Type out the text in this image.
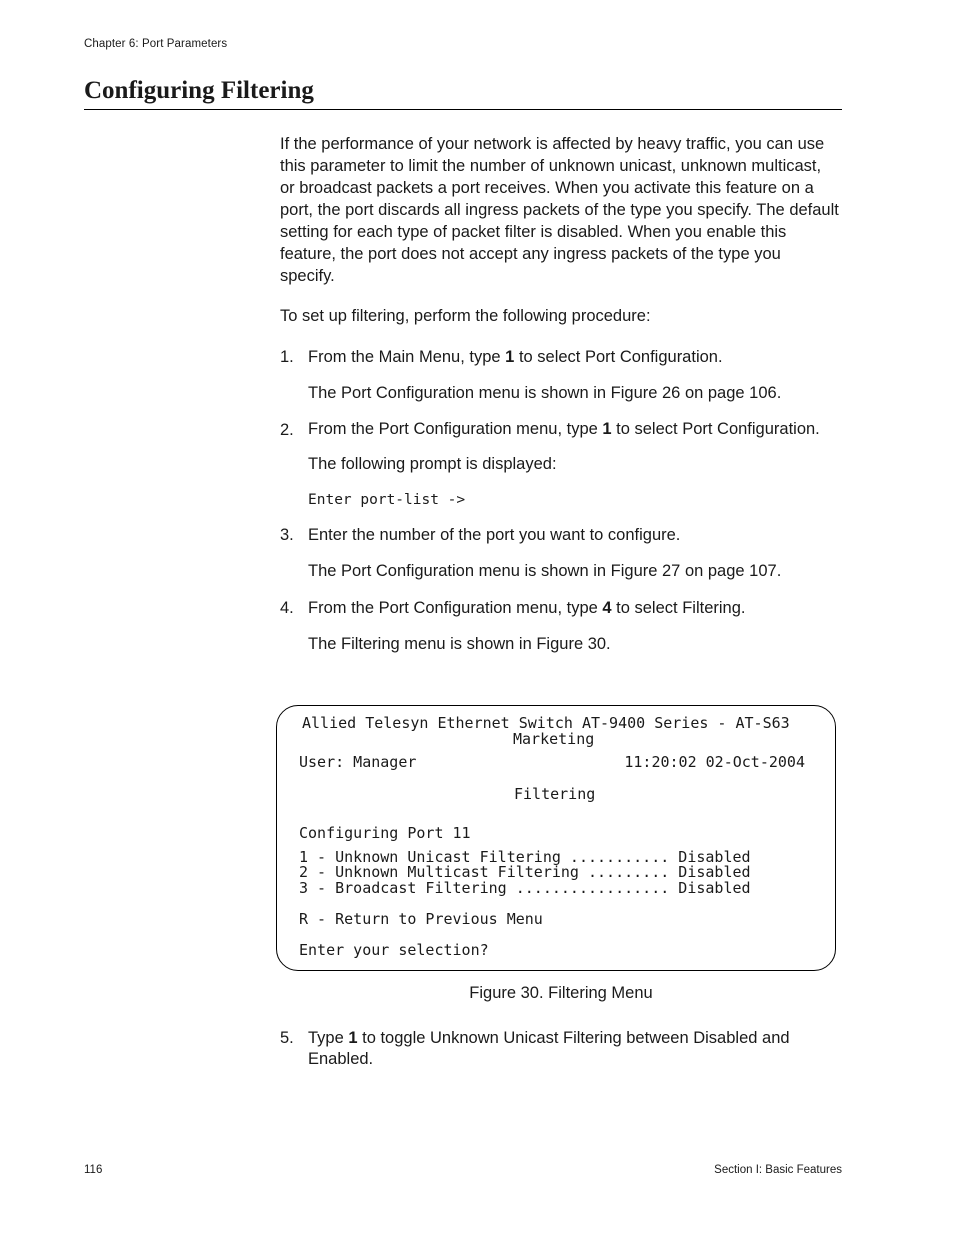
Chapter 6: Port Parameters
Configuring Filtering

If the performance of your network is affected by heavy traffic, you can use this parameter to limit the number of unknown unicast, unknown multicast, or broadcast packets a port receives. When you activate this feature on a port, the port discards all ingress packets of the type you specify. The default setting for each type of packet filter is disabled. When you enable this feature, the port does not accept any ingress packets of the type you specify.

To set up filtering, perform the following procedure:

1. From the Main Menu, type 1 to select Port Configuration.

The Port Configuration menu is shown in Figure 26 on page 106.

2. From the Port Configuration menu, type 1 to select Port Configuration.

The following prompt is displayed:

Enter port-list ->

3. Enter the number of the port you want to configure.

The Port Configuration menu is shown in Figure 27 on page 107.

4. From the Port Configuration menu, type 4 to select Filtering.

The Filtering menu is shown in Figure 30.

Allied Telesyn Ethernet Switch AT-9400 Series - AT-S63
Marketing
User: Manager	11:20:02 02-Oct-2004
Filtering
Configuring Port 11
1 - Unknown Unicast Filtering ........... Disabled
2 - Unknown Multicast Filtering ......... Disabled
3 - Broadcast Filtering ................. Disabled
R - Return to Previous Menu
Enter your selection?
Figure 30. Filtering Menu
5. Type 1 to toggle Unknown Unicast Filtering between Disabled and Enabled.
116	Section I: Basic Features
